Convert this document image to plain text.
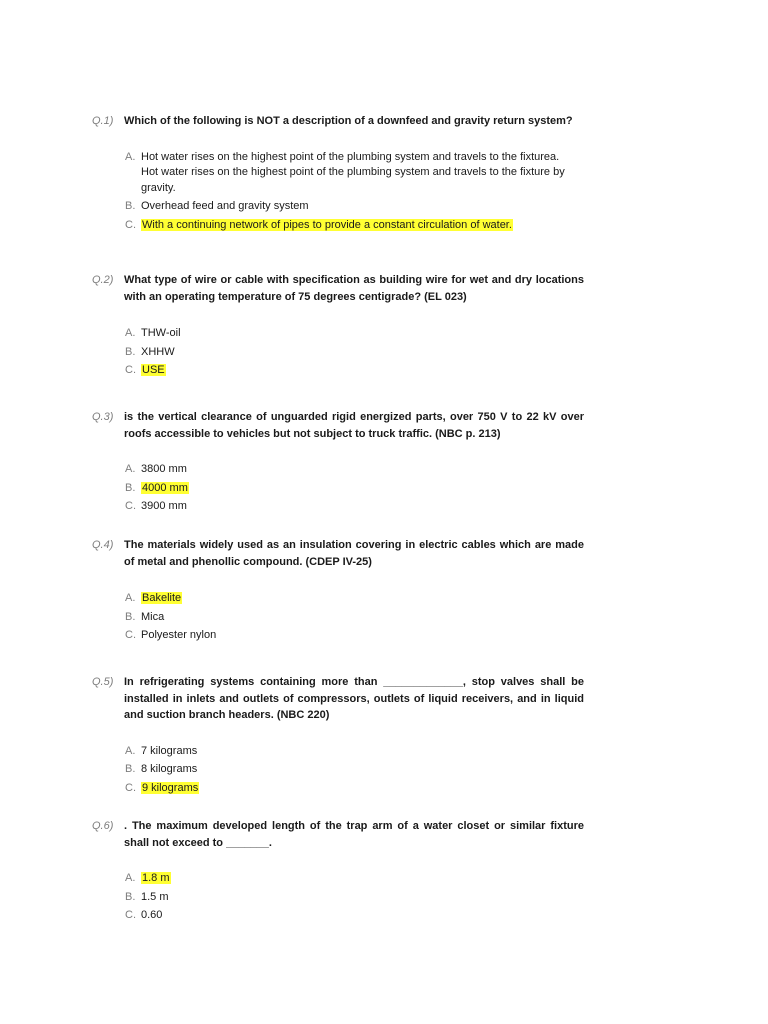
Q.1) Which of the following is NOT a description of a downfeed and gravity return system?
A. Hot water rises on the highest point of the plumbing system and travels to the fixturea. Hot water rises on the highest point of the plumbing system and travels to the fixture by gravity.
B. Overhead feed and gravity system
C. With a continuing network of pipes to provide a constant circulation of water.
Q.2) What type of wire or cable with specification as building wire for wet and dry locations with an operating temperature of 75 degrees centigrade? (EL 023)
A. THW-oil
B. XHHW
C. USE
Q.3) is the vertical clearance of unguarded rigid energized parts, over 750 V to 22 kV over roofs accessible to vehicles but not subject to truck traffic. (NBC p. 213)
A. 3800 mm
B. 4000 mm
C. 3900 mm
Q.4) The materials widely used as an insulation covering in electric cables which are made of metal and phenollic compound. (CDEP IV-25)
A. Bakelite
B. Mica
C. Polyester nylon
Q.5) In refrigerating systems containing more than _____________, stop valves shall be installed in inlets and outlets of compressors, outlets of liquid receivers, and in liquid and suction branch headers. (NBC 220)
A. 7 kilograms
B. 8 kilograms
C. 9 kilograms
Q.6) . The maximum developed length of the trap arm of a water closet or similar fixture shall not exceed to _______.
A. 1.8 m
B. 1.5 m
C. 0.60
